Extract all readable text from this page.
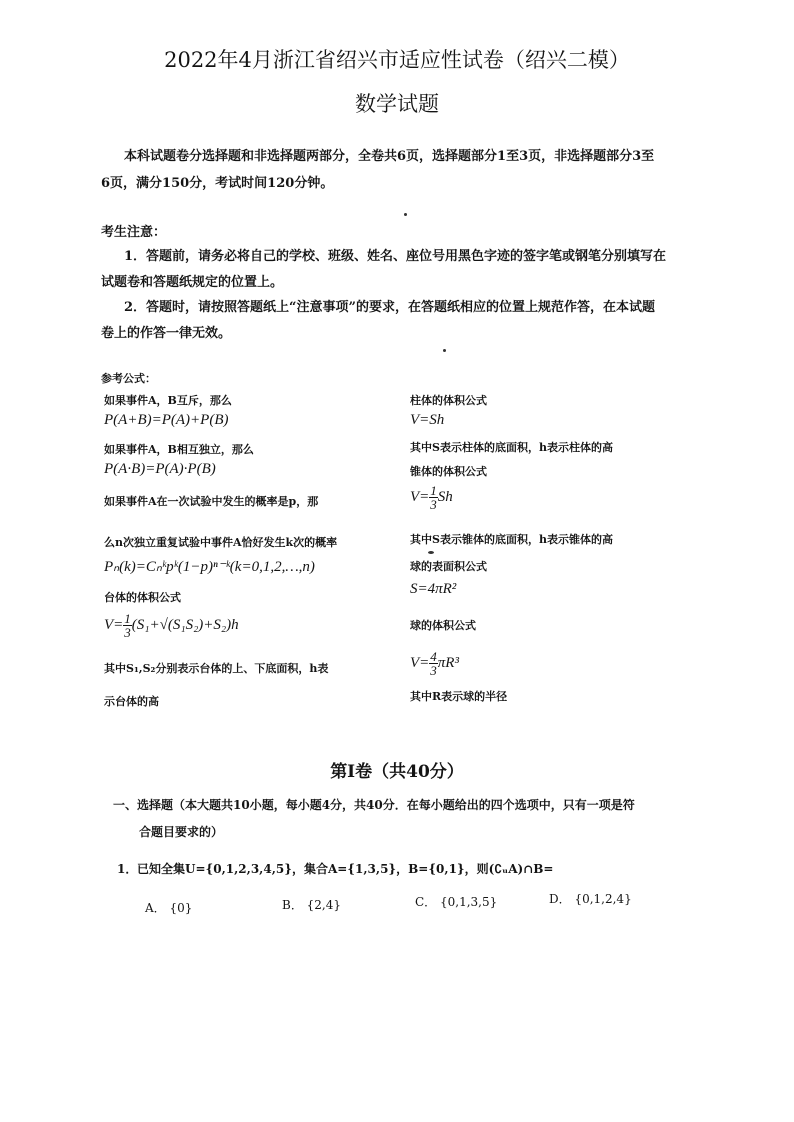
2022年4月浙江省绍兴市适应性试卷（绍兴二模）
数学试题
本科试题卷分选择题和非选择题两部分，全卷共6页，选择题部分1至3页，非选择题部分3至
6页，满分150分，考试时间120分钟。
考生注意：
1．答题前，请务必将自己的学校、班级、姓名、座位号用黑色字迹的签字笔或钢笔分别填写在
试题卷和答题纸规定的位置上。
2．答题时，请按照答题纸上“注意事项”的要求，在答题纸相应的位置上规范作答，在本试题
卷上的作答一律无效。
参考公式：
如果事件A，B互斥，那么
P(A+B)=P(A)+P(B)
如果事件A，B相互独立，那么
P(A·B)=P(A)·P(B)
如果事件A在一次试验中发生的概率是p，那
么n次独立重复试验中事件A恰好发生k次的概率
Pₙ(k)=Cₙᵏpᵏ(1−p)ⁿ⁻ᵏ(k=0,1,2,…,n)
台体的体积公式
$V= \frac{1}{3} (S_1+√(S_1S_2)+S_2)h$
其中S₁,S₂分别表示台体的上、下底面积，h表
示台体的高
柱体的体积公式
V=Sh
其中S表示柱体的底面积，h表示柱体的高
锥体的体积公式
$V= \frac{1}{3}$ Sh
其中S表示锥体的底面积，h表示锥体的高
球的表面积公式
S=4πR²
球的体积公式
$V= \frac{4}{3} \pi R^3$
其中R表示球的半径
第Ⅰ卷（共40分）
一、选择题（本大题共10小题，每小题4分，共40分．在每小题给出的四个选项中，只有一项是符
合题目要求的）
1． 已知全集U={0,1,2,3,4,5}，集合A={1,3,5}，B={0,1}，则(∁ᵤA)∩B=
A． {0}	B． {2,4}	C． {0,1,3,5}	D． {0,1,2,4}
